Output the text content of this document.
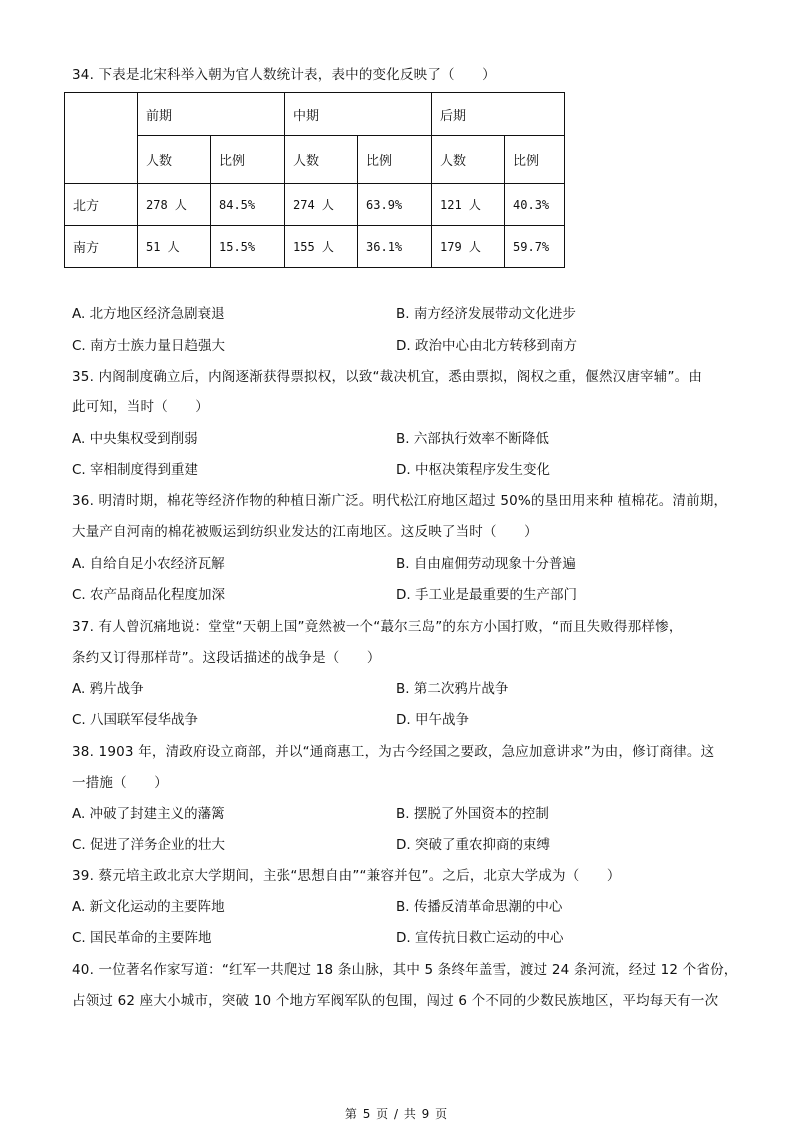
34. 下表是北宋科举入朝为官人数统计表，表中的变化反映了（　　）
	前期		中期		后期	
	人数	比例	人数	比例	人数	比例
北方	278 人	84.5%	274 人	63.9%	121 人	40.3%
南方	51 人	15.5%	155 人	36.1%	179 人	59.7%
A. 北方地区经济急剧衰退	B. 南方经济发展带动文化进步
C. 南方士族力量日趋强大	D. 政治中心由北方转移到南方
35. 内阁制度确立后，内阁逐渐获得票拟权，以致“裁决机宜，悉由票拟，阁权之重，偃然汉唐宰辅”。由
此可知，当时（　　）
A. 中央集权受到削弱	B. 六部执行效率不断降低
C. 宰相制度得到重建	D. 中枢决策程序发生变化
36. 明清时期，棉花等经济作物的种植日渐广泛。明代松江府地区超过 50%的垦田用来种 植棉花。清前期，
大量产自河南的棉花被贩运到纺织业发达的江南地区。这反映了当时（　　）
A. 自给自足小农经济瓦解	B. 自由雇佣劳动现象十分普遍
C. 农产品商品化程度加深	D. 手工业是最重要的生产部门
37. 有人曾沉痛地说：堂堂“天朝上国”竟然被一个“蕞尔三岛”的东方小国打败，“而且失败得那样惨，
条约又订得那样苛”。这段话描述的战争是（　　）
A. 鸦片战争	B. 第二次鸦片战争
C. 八国联军侵华战争	D. 甲午战争
38. 1903 年，清政府设立商部，并以“通商惠工，为古今经国之要政，急应加意讲求”为由，修订商律。这
一措施（　　）
A. 冲破了封建主义的藩篱	B. 摆脱了外国资本的控制
C. 促进了洋务企业的壮大	D. 突破了重农抑商的束缚
39. 蔡元培主政北京大学期间，主张“思想自由”“兼容并包”。之后，北京大学成为（　　）
A. 新文化运动的主要阵地	B. 传播反清革命思潮的中心
C. 国民革命的主要阵地	D. 宣传抗日救亡运动的中心
40. 一位著名作家写道：“红军一共爬过 18 条山脉，其中 5 条终年盖雪，渡过 24 条河流，经过 12 个省份，
占领过 62 座大小城市，突破 10 个地方军阀军队的包围，闯过 6 个不同的少数民族地区，平均每天有一次
第 5 页 / 共 9 页
